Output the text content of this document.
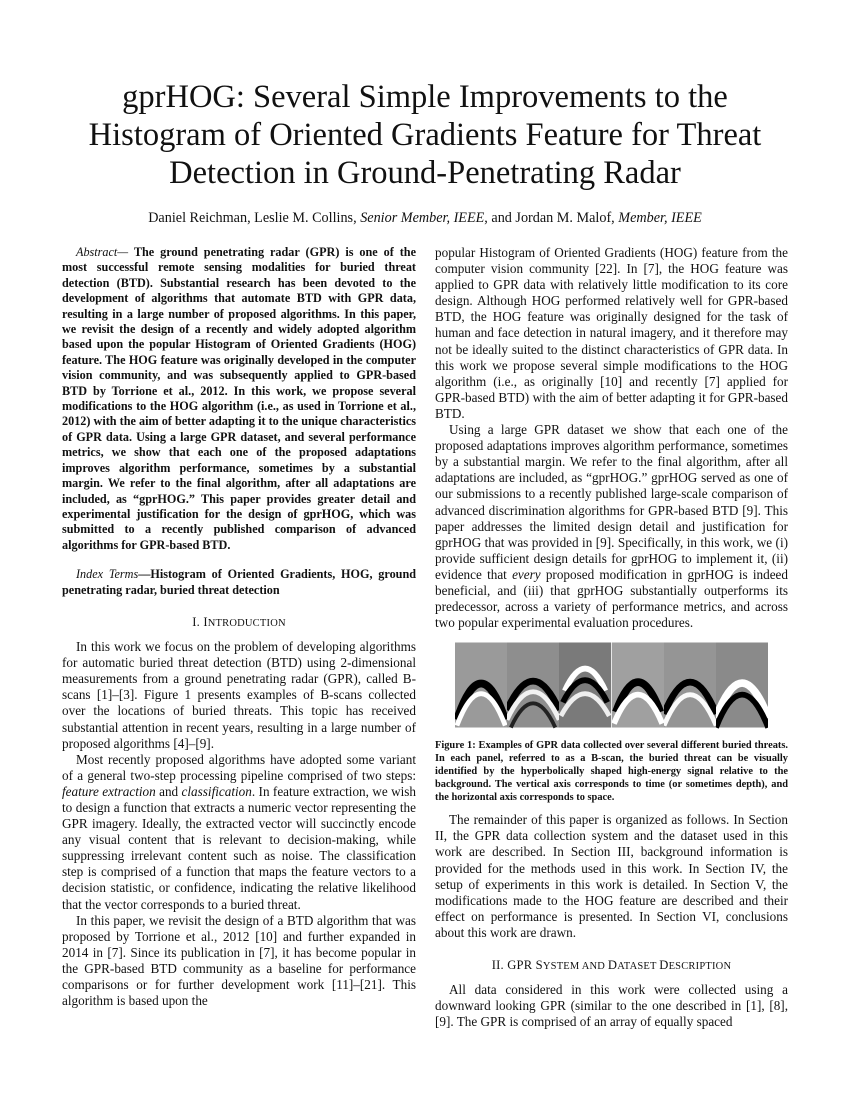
gprHOG: Several Simple Improvements to the Histogram of Oriented Gradients Feature for Threat Detection in Ground-Penetrating Radar

Daniel Reichman, Leslie M. Collins, Senior Member, IEEE, and Jordan M. Malof, Member, IEEE

Abstract— The ground penetrating radar (GPR) is one of the most successful remote sensing modalities for buried threat detection (BTD). Substantial research has been devoted to the development of algorithms that automate BTD with GPR data, resulting in a large number of proposed algorithms. In this paper, we revisit the design of a recently and widely adopted algorithm based upon the popular Histogram of Oriented Gradients (HOG) feature. The HOG feature was originally developed in the computer vision community, and was subsequently applied to GPR-based BTD by Torrione et al., 2012. In this work, we propose several modifications to the HOG algorithm (i.e., as used in Torrione et al., 2012) with the aim of better adapting it to the unique characteristics of GPR data. Using a large GPR dataset, and several performance metrics, we show that each one of the proposed adaptations improves algorithm performance, sometimes by a substantial margin. We refer to the final algorithm, after all adaptations are included, as “gprHOG.” This paper provides greater detail and experimental justification for the design of gprHOG, which was submitted to a recently published comparison of advanced algorithms for GPR-based BTD.

Index Terms—Histogram of Oriented Gradients, HOG, ground penetrating radar, buried threat detection

I. INTRODUCTION

In this work we focus on the problem of developing algorithms for automatic buried threat detection (BTD) using 2-dimensional measurements from a ground penetrating radar (GPR), called B-scans [1]–[3]. Figure 1 presents examples of B-scans collected over the locations of buried threats. This topic has received substantial attention in recent years, resulting in a large number of proposed algorithms [4]–[9].

Most recently proposed algorithms have adopted some variant of a general two-step processing pipeline comprised of two steps: feature extraction and classification. In feature extraction, we wish to design a function that extracts a numeric vector representing the GPR imagery. Ideally, the extracted vector will succinctly encode any visual content that is relevant to decision-making, while suppressing irrelevant content such as noise. The classification step is comprised of a function that maps the feature vectors to a decision statistic, or confidence, indicating the relative likelihood that the vector corresponds to a buried threat.

In this paper, we revisit the design of a BTD algorithm that was proposed by Torrione et al., 2012 [10] and further expanded in 2014 in [7]. Since its publication in [7], it has become popular in the GPR-based BTD community as a baseline for performance comparisons or for further development work [11]–[21]. This algorithm is based upon the

popular Histogram of Oriented Gradients (HOG) feature from the computer vision community [22]. In [7], the HOG feature was applied to GPR data with relatively little modification to its core design. Although HOG performed relatively well for GPR-based BTD, the HOG feature was originally designed for the task of human and face detection in natural imagery, and it therefore may not be ideally suited to the distinct characteristics of GPR data. In this work we propose several simple modifications to the HOG algorithm (i.e., as originally [10] and recently [7] applied for GPR-based BTD) with the aim of better adapting it for GPR-based BTD.

Using a large GPR dataset we show that each one of the proposed adaptations improves algorithm performance, sometimes by a substantial margin. We refer to the final algorithm, after all adaptations are included, as “gprHOG.” gprHOG served as one of our submissions to a recently published large-scale comparison of advanced discrimination algorithms for GPR-based BTD [9]. This paper addresses the limited design detail and justification for gprHOG that was provided in [9]. Specifically, in this work, we (i) provide sufficient design details for gprHOG to implement it, (ii) evidence that every proposed modification in gprHOG is indeed beneficial, and (iii) that gprHOG substantially outperforms its predecessor, across a variety of performance metrics, and across two popular experimental evaluation procedures.

Figure 1: Examples of GPR data collected over several different buried threats. In each panel, referred to as a B-scan, the buried threat can be visually identified by the hyperbolically shaped high-energy signal relative to the background. The vertical axis corresponds to time (or sometimes depth), and the horizontal axis corresponds to space.

The remainder of this paper is organized as follows. In Section II, the GPR data collection system and the dataset used in this work are described. In Section III, background information is provided for the methods used in this work. In Section IV, the setup of experiments in this work is detailed. In Section V, the modifications made to the HOG feature are described and their effect on performance is presented. In Section VI, conclusions about this work are drawn.

II. GPR SYSTEM AND DATASET DESCRIPTION

All data considered in this work were collected using a downward looking GPR (similar to the one described in [1], [8], [9]. The GPR is comprised of an array of equally spaced
